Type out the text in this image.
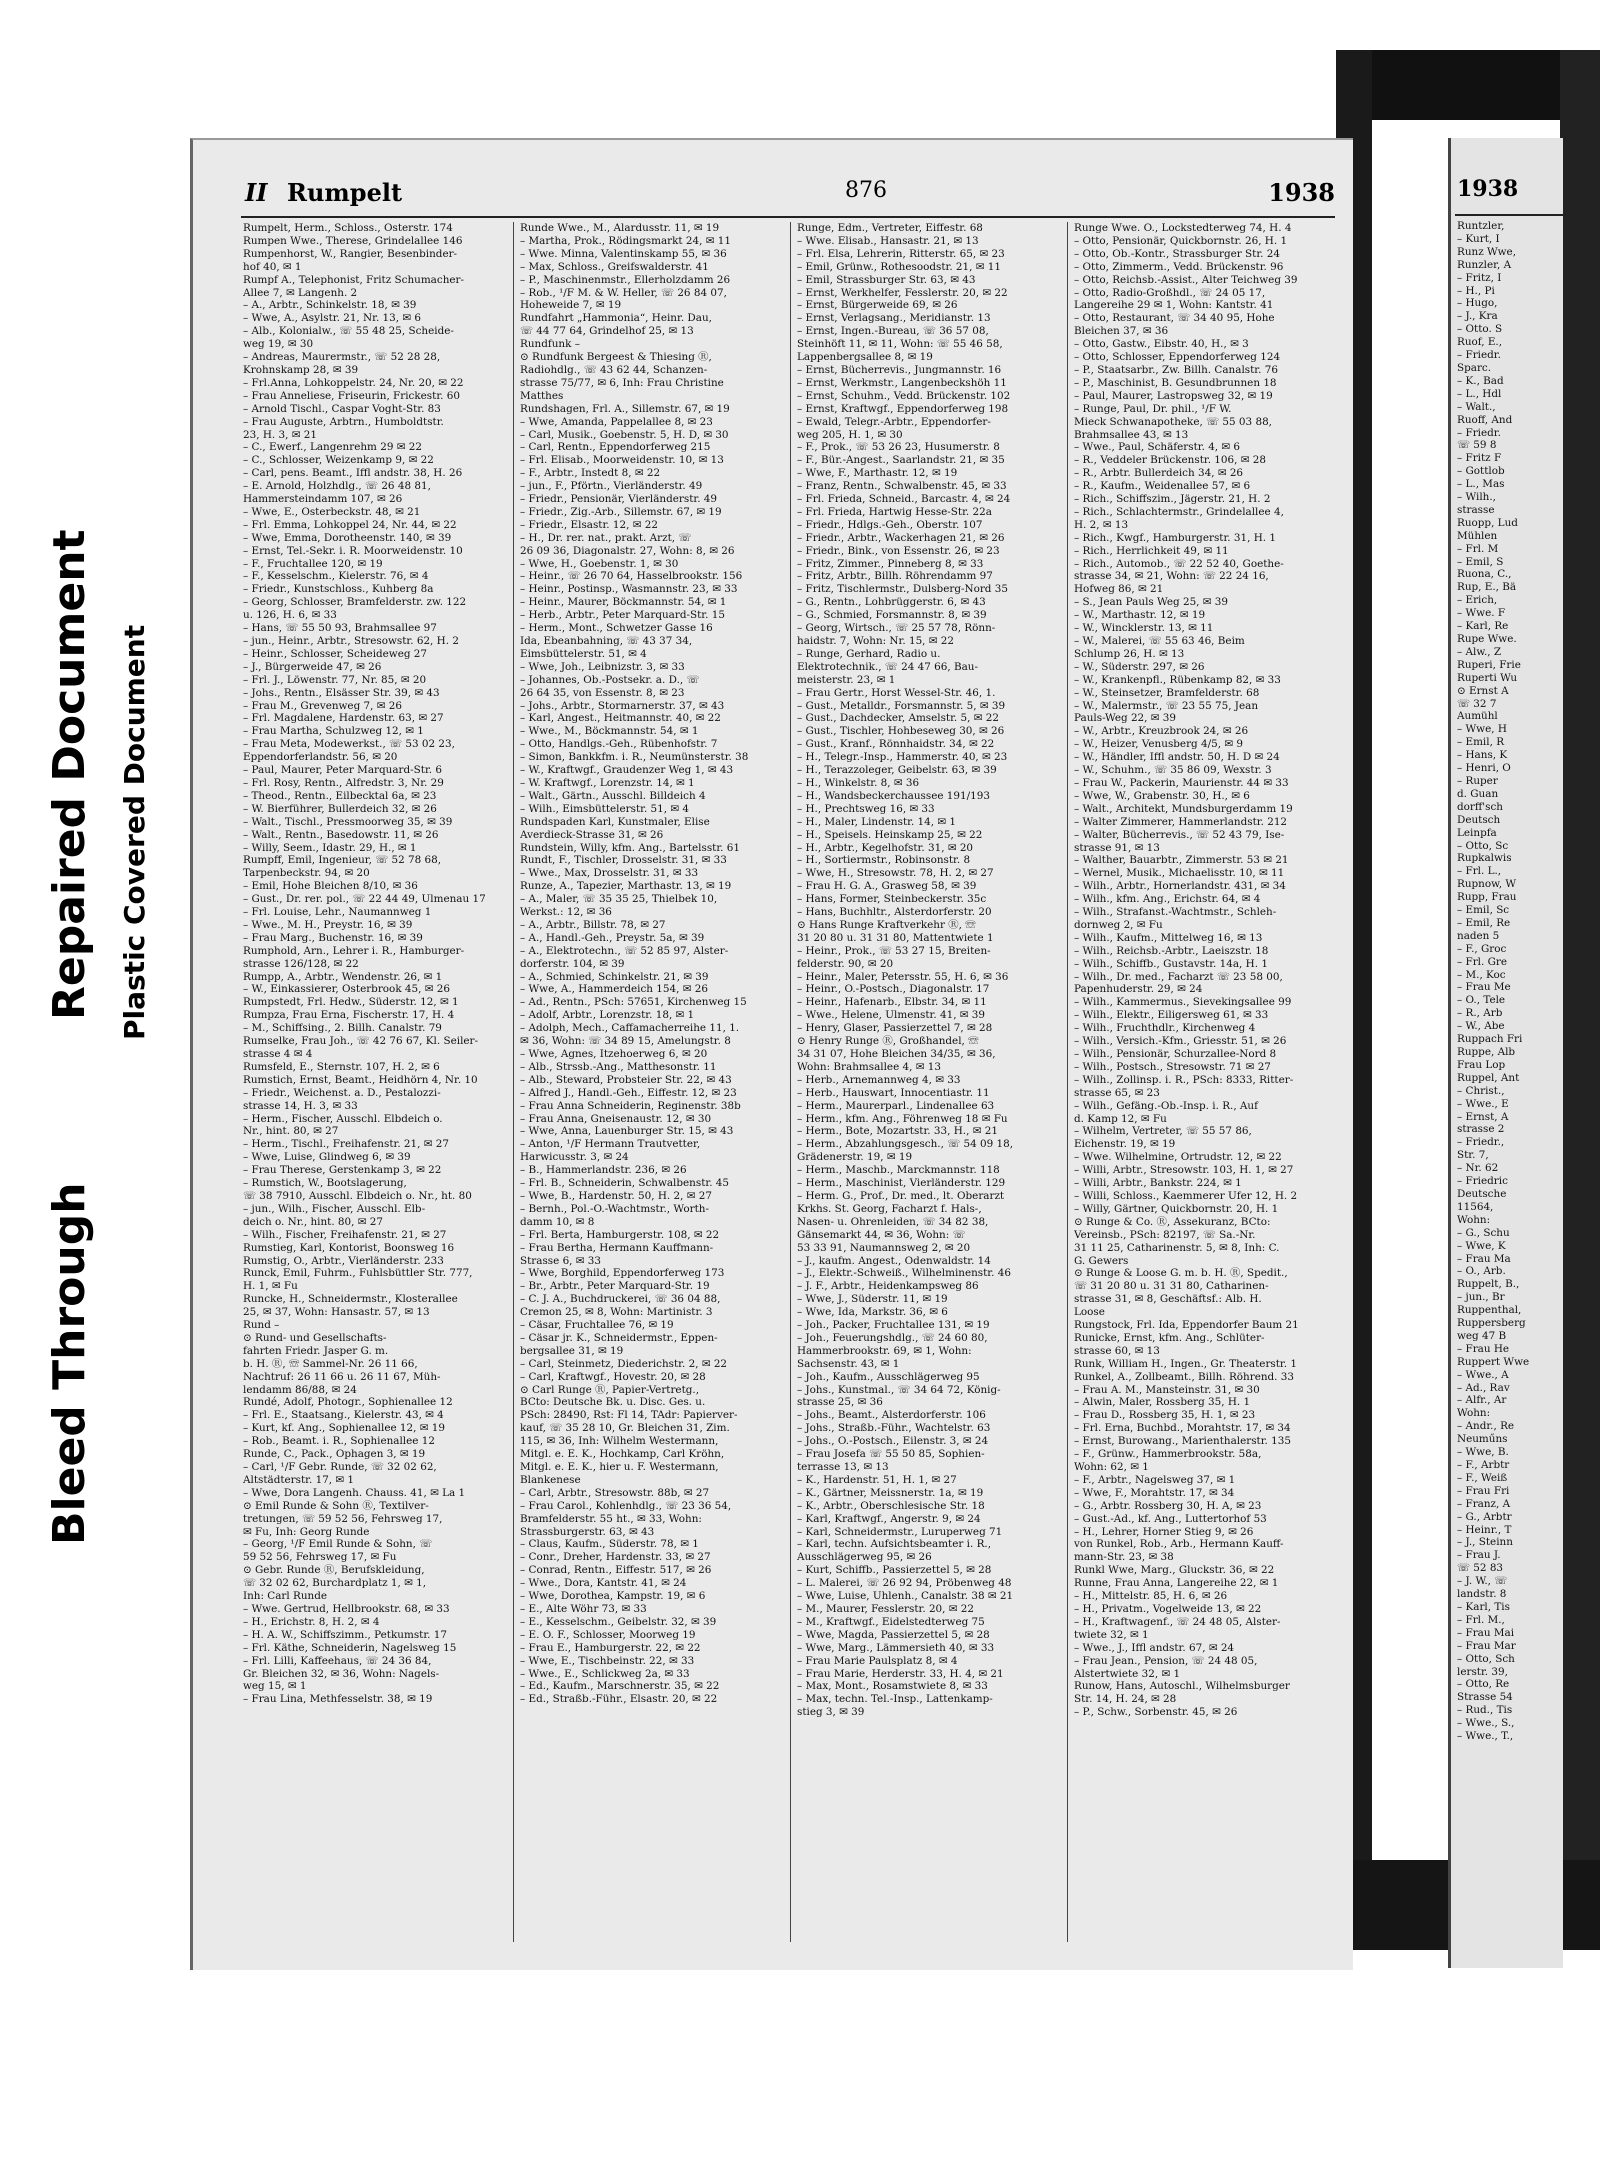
Bleed Through
Repaired Document Plastic Covered Document
II Rumpelt	876	1938
Rumpelt, Herm., Schloss., Osterstr. 174
Rumpen Wwe., Therese, Grindelallee 146
Rumpenhorst, W., Rangier, Besenbinder-
hof 40, ✉ 1
Rumpf A., Telephonist, Fritz Schumacher-
Allee 7, ✉ Langenh. 2
– A., Arbtr., Schinkelstr. 18, ✉ 39
– Wwe, A., Asylstr. 21, Nr. 13, ✉ 6
– Alb., Kolonialw., ☏ 55 48 25, Scheide-
weg 19, ✉ 30
– Andreas, Maurermstr., ☏ 52 28 28,
Krohnskamp 28, ✉ 39
– Frl.Anna, Lohkoppelstr. 24, Nr. 20, ✉ 22
– Frau Anneliese, Friseurin, Frickestr. 60
– Arnold Tischl., Caspar Voght-Str. 83
– Frau Auguste, Arbtrn., Humboldtstr.
23, H. 3, ✉ 21
– C., Ewerf., Langenrehm 29 ✉ 22
– C., Schlosser, Weizenkamp 9, ✉ 22
– Carl, pens. Beamt., Iffl andstr. 38, H. 26
– E. Arnold, Holzhdlg., ☏ 26 48 81,
Hammersteindamm 107, ✉ 26
– Wwe, E., Osterbeckstr. 48, ✉ 21
– Frl. Emma, Lohkoppel 24, Nr. 44, ✉ 22
– Wwe, Emma, Dorotheenstr. 140, ✉ 39
– Ernst, Tel.-Sekr. i. R. Moorweidenstr. 10
– F., Fruchtallee 120, ✉ 19
– F., Kesselschm., Kielerstr. 76, ✉ 4
– Friedr., Kunstschloss., Kuhberg 8a
– Georg, Schlosser, Bramfelderstr. zw. 122
u. 126, H. 6, ✉ 33
– Hans, ☏ 55 50 93, Brahmsallee 97
– jun., Heinr., Arbtr., Stresowstr. 62, H. 2
– Heinr., Schlosser, Scheideweg 27
– J., Bürgerweide 47, ✉ 26
– Frl. J., Löwenstr. 77, Nr. 85, ✉ 20
– Johs., Rentn., Elsässer Str. 39, ✉ 43
– Frau M., Grevenweg 7, ✉ 26
– Frl. Magdalene, Hardenstr. 63, ✉ 27
– Frau Martha, Schulzweg 12, ✉ 1
– Frau Meta, Modewerkst., ☏ 53 02 23,
Eppendorferlandstr. 56, ✉ 20
– Paul, Maurer, Peter Marquard-Str. 6
– Frl. Rosy, Rentn., Alfredstr. 3, Nr. 29
– Theod., Rentn., Eilbecktal 6a, ✉ 23
– W. Bierführer, Bullerdeich 32, ✉ 26
– Walt., Tischl., Pressmoorweg 35, ✉ 39
– Walt., Rentn., Basedowstr. 11, ✉ 26
– Willy, Seem., Idastr. 29, H., ✉ 1
Rumpff, Emil, Ingenieur, ☏ 52 78 68,
Tarpenbeckstr. 94, ✉ 20
– Emil, Hohe Bleichen 8/10, ✉ 36
– Gust., Dr. rer. pol., ☏ 22 44 49, Ulmenau 17
– Frl. Louise, Lehr., Naumannweg 1
– Wwe., M. H., Preystr. 16, ✉ 39
– Frau Marg., Buchenstr. 16, ✉ 39
Rumphold, Arn., Lehrer i. R., Hamburger-
strasse 126/128, ✉ 22
Rumpp, A., Arbtr., Wendenstr. 26, ✉ 1
– W., Einkassierer, Osterbrook 45, ✉ 26
Rumpstedt, Frl. Hedw., Süderstr. 12, ✉ 1
Rumpza, Frau Erna, Fischerstr. 17, H. 4
– M., Schiffsing., 2. Billh. Canalstr. 79
Rumselke, Frau Joh., ☏ 42 76 67, Kl. Seiler-
strasse 4 ✉ 4
Rumsfeld, E., Sternstr. 107, H. 2, ✉ 6
Rumstich, Ernst, Beamt., Heidhörn 4, Nr. 10
– Friedr., Weichenst. a. D., Pestalozzi-
strasse 14, H. 3, ✉ 33
– Herm., Fischer, Ausschl. Elbdeich o.
Nr., hint. 80, ✉ 27
– Herm., Tischl., Freihafenstr. 21, ✉ 27
– Wwe, Luise, Glindweg 6, ✉ 39
– Frau Therese, Gerstenkamp 3, ✉ 22
– Rumstich, W., Bootslagerung,
☏ 38 7910, Ausschl. Elbdeich o. Nr., ht. 80
– jun., Wilh., Fischer, Ausschl. Elb-
deich o. Nr., hint. 80, ✉ 27
– Wilh., Fischer, Freihafenstr. 21, ✉ 27
Rumstieg, Karl, Kontorist, Boonsweg 16
Rumstig, O., Arbtr., Vierländerstr. 233
Runck, Emil, Fuhrm., Fuhlsbüttler Str. 777,
H. 1, ✉ Fu
Runcke, H., Schneidermstr., Klosterallee
25, ✉ 37, Wohn: Hansastr. 57, ✉ 13
Rund –
⊙ Rund- und Gesellschafts-
fahrten Friedr. Jasper G. m.
b. H. Ⓡ, ☏ Sammel-Nr. 26 11 66,
Nachtruf: 26 11 66 u. 26 11 67, Müh-
lendamm 86/88, ✉ 24
Rundé, Adolf, Photogr., Sophienallee 12
– Frl. E., Staatsang., Kielerstr. 43, ✉ 4
– Kurt, kf. Ang., Sophienallee 12, ✉ 19
– Rob., Beamt. i. R., Sophienallee 12
Runde, C., Pack., Ophagen 3, ✉ 19
– Carl, ¹/F Gebr. Runde, ☏ 32 02 62,
Altstädterstr. 17, ✉ 1
– Wwe, Dora Langenh. Chauss. 41, ✉ La 1
⊙ Emil Runde & Sohn Ⓡ, Textilver-
tretungen, ☏ 59 52 56, Fehrsweg 17,
✉ Fu, Inh: Georg Runde
– Georg, ¹/F Emil Runde & Sohn, ☏
59 52 56, Fehrsweg 17, ✉ Fu
⊙ Gebr. Runde Ⓡ, Berufskleidung,
☏ 32 02 62, Burchardplatz 1, ✉ 1,
Inh: Carl Runde
– Wwe. Gertrud, Hellbrookstr. 68, ✉ 33
– H., Erichstr. 8, H. 2, ✉ 4
– H. A. W., Schiffszimm., Petkumstr. 17
– Frl. Käthe, Schneiderin, Nagelsweg 15
– Frl. Lilli, Kaffeehaus, ☏ 24 36 84,
Gr. Bleichen 32, ✉ 36, Wohn: Nagels-
weg 15, ✉ 1
– Frau Lina, Methfesselstr. 38, ✉ 19
Runde Wwe., M., Alardusstr. 11, ✉ 19
– Martha, Prok., Rödingsmarkt 24, ✉ 11
– Wwe. Minna, Valentinskamp 55, ✉ 36
– Max, Schloss., Greifswalderstr. 41
– P., Maschinenmstr., Ellerholzdamm 26
– Rob., ¹/F M. & W. Heller, ☏ 26 84 07,
Hoheweide 7, ✉ 19
Rundfahrt „Hammonia“, Heinr. Dau,
☏ 44 77 64, Grindelhof 25, ✉ 13
Rundfunk –
⊙ Rundfunk Bergeest & Thiesing Ⓡ,
Radiohdlg., ☏ 43 62 44, Schanzen-
strasse 75/77, ✉ 6, Inh: Frau Christine
Matthes
Rundshagen, Frl. A., Sillemstr. 67, ✉ 19
– Wwe, Amanda, Pappelallee 8, ✉ 23
– Carl, Musik., Goebenstr. 5, H. D, ✉ 30
– Carl, Rentn., Eppendorferweg 215
– Frl. Elisab., Moorweidenstr. 10, ✉ 13
– F., Arbtr., Instedt 8, ✉ 22
– jun., F., Pförtn., Vierländerstr. 49
– Friedr., Pensionär, Vierländerstr. 49
– Friedr., Zig.-Arb., Sillemstr. 67, ✉ 19
– Friedr., Elsastr. 12, ✉ 22
– H., Dr. rer. nat., prakt. Arzt, ☏
26 09 36, Diagonalstr. 27, Wohn: 8, ✉ 26
– Wwe, H., Goebenstr. 1, ✉ 30
– Heinr., ☏ 26 70 64, Hasselbrookstr. 156
– Heinr., Postinsp., Wasmannstr. 23, ✉ 33
– Heinr., Maurer, Böckmannstr. 54, ✉ 1
– Herb., Arbtr., Peter Marquard-Str. 15
– Herm., Mont., Schwetzer Gasse 16
Ida, Ebeanbahning, ☏ 43 37 34,
Eimsbüttelerstr. 51, ✉ 4
– Wwe, Joh., Leibnizstr. 3, ✉ 33
– Johannes, Ob.-Postsekr. a. D., ☏
26 64 35, von Essenstr. 8, ✉ 23
– Johs., Arbtr., Stormarnerstr. 37, ✉ 43
– Karl, Angest., Heitmannstr. 40, ✉ 22
– Wwe., M., Böckmannstr. 54, ✉ 1
– Otto, Handlgs.-Geh., Rübenhofstr. 7
– Simon, Bankkfm. i. R., Neumünsterstr. 38
– W., Kraftwgf., Graudenzer Weg 1, ✉ 43
– W. Kraftwgf., Lorenzstr. 14, ✉ 1
– Walt., Gärtn., Ausschl. Billdeich 4
– Wilh., Eimsbüttelerstr. 51, ✉ 4
Rundspaden Karl, Kunstmaler, Elise
Averdieck-Strasse 31, ✉ 26
Rundstein, Willy, kfm. Ang., Bartelsstr. 61
Rundt, F., Tischler, Drosselstr. 31, ✉ 33
– Wwe., Max, Drosselstr. 31, ✉ 33
Runze, A., Tapezier, Marthastr. 13, ✉ 19
– A., Maler, ☏ 35 35 25, Thielbek 10,
Werkst.: 12, ✉ 36
– A., Arbtr., Billstr. 78, ✉ 27
– A., Handl.-Geh., Preystr. 5a, ✉ 39
– A., Elektrotechn., ☏ 52 85 97, Alster-
dorferstr. 104, ✉ 39
– A., Schmied, Schinkelstr. 21, ✉ 39
– Wwe, A., Hammerdeich 154, ✉ 26
– Ad., Rentn., PSch: 57651, Kirchenweg 15
– Adolf, Arbtr., Lorenzstr. 18, ✉ 1
– Adolph, Mech., Caffamacherreihe 11, 1.
✉ 36, Wohn: ☏ 34 89 15, Amelungstr. 8
– Wwe, Agnes, Itzehoerweg 6, ✉ 20
– Alb., Strssb.-Ang., Matthesonstr. 11
– Alb., Steward, Probsteier Str. 22, ✉ 43
– Alfred J., Handl.-Geh., Eiffestr. 12, ✉ 23
– Frau Anna Schneiderin, Reginenstr. 38b
– Frau Anna, Gneisenaustr. 12, ✉ 30
– Wwe, Anna, Lauenburger Str. 15, ✉ 43
– Anton, ¹/F Hermann Trautvetter,
Harwicusstr. 3, ✉ 24
– B., Hammerlandstr. 236, ✉ 26
– Frl. B., Schneiderin, Schwalbenstr. 45
– Wwe, B., Hardenstr. 50, H. 2, ✉ 27
– Bernh., Pol.-O.-Wachtmstr., Worth-
damm 10, ✉ 8
– Frl. Berta, Hamburgerstr. 108, ✉ 22
– Frau Bertha, Hermann Kauffmann-
Strasse 6, ✉ 33
– Wwe, Borghild, Eppendorferweg 173
– Br., Arbtr., Peter Marquard-Str. 19
– C. J. A., Buchdruckerei, ☏ 36 04 88,
Cremon 25, ✉ 8, Wohn: Martinistr. 3
– Cäsar, Fruchtallee 76, ✉ 19
– Cäsar jr. K., Schneidermstr., Eppen-
bergsallee 31, ✉ 19
– Carl, Steinmetz, Diederichstr. 2, ✉ 22
– Carl, Kraftwgf., Hovestr. 20, ✉ 28
⊙ Carl Runge Ⓡ, Papier-Vertretg.,
BCto: Deutsche Bk. u. Disc. Ges. u.
PSch: 28490, Rst: Fl 14, TAdr: Papierver-
kauf, ☏ 35 28 10, Gr. Bleichen 31, Zim.
115, ✉ 36, Inh: Wilhelm Westermann,
Mitgl. e. E. K., Hochkamp, Carl Kröhn,
Mitgl. e. E. K., hier u. F. Westermann,
Blankenese
– Carl, Arbtr., Stresowstr. 88b, ✉ 27
– Frau Carol., Kohlenhdlg., ☏ 23 36 54,
Bramfelderstr. 55 ht., ✉ 33, Wohn:
Strassburgerstr. 63, ✉ 43
– Claus, Kaufm., Süderstr. 78, ✉ 1
– Conr., Dreher, Hardenstr. 33, ✉ 27
– Conrad, Rentn., Eiffestr. 517, ✉ 26
– Wwe., Dora, Kantstr. 41, ✉ 24
– Wwe, Dorothea, Kampstr. 19, ✉ 6
– E., Alte Wöhr 73, ✉ 33
– E., Kesselschm., Geibelstr. 32, ✉ 39
– E. O. F., Schlosser, Moorweg 19
– Frau E., Hamburgerstr. 22, ✉ 22
– Wwe, E., Tischbeinstr. 22, ✉ 33
– Wwe., E., Schlickweg 2a, ✉ 33
– Ed., Kaufm., Marschnerstr. 35, ✉ 22
– Ed., Straßb.-Führ., Elsastr. 20, ✉ 22
Runge, Edm., Vertreter, Eiffestr. 68
– Wwe. Elisab., Hansastr. 21, ✉ 13
– Frl. Elsa, Lehrerin, Ritterstr. 65, ✉ 23
– Emil, Grünw., Rothesoodstr. 21, ✉ 11
– Emil, Strassburger Str. 63, ✉ 43
– Ernst, Werkhelfer, Fesslerstr. 20, ✉ 22
– Ernst, Bürgerweide 69, ✉ 26
– Ernst, Verlagsang., Meridianstr. 13
– Ernst, Ingen.-Bureau, ☏ 36 57 08,
Steinhöft 11, ✉ 11, Wohn: ☏ 55 46 58,
Lappenbergsallee 8, ✉ 19
– Ernst, Bücherrevis., Jungmannstr. 16
– Ernst, Werkmstr., Langenbeckshöh 11
– Ernst, Schuhm., Vedd. Brückenstr. 102
– Ernst, Kraftwgf., Eppendorferweg 198
– Ewald, Telegr.-Arbtr., Eppendorfer-
weg 205, H. 1, ✉ 30
– F., Prok., ☏ 53 26 23, Husumerstr. 8
– F., Bür.-Angest., Saarlandstr. 21, ✉ 35
– Wwe, F., Marthastr. 12, ✉ 19
– Franz, Rentn., Schwalbenstr. 45, ✉ 33
– Frl. Frieda, Schneid., Barcastr. 4, ✉ 24
– Frl. Frieda, Hartwig Hesse-Str. 22a
– Friedr., Hdlgs.-Geh., Oberstr. 107
– Friedr., Arbtr., Wackerhagen 21, ✉ 26
– Friedr., Bink., von Essenstr. 26, ✉ 23
– Fritz, Zimmer., Pinneberg 8, ✉ 33
– Fritz, Arbtr., Billh. Röhrendamm 97
– Fritz, Tischlermstr., Dulsberg-Nord 35
– G., Rentn., Lohbrüggerstr. 6, ✉ 43
– G., Schmied, Forsmannstr. 8, ✉ 39
– Georg, Wirtsch., ☏ 25 57 78, Rönn-
haidstr. 7, Wohn: Nr. 15, ✉ 22
– Runge, Gerhard, Radio u.
Elektrotechnik., ☏ 24 47 66, Bau-
meisterstr. 23, ✉ 1
– Frau Gertr., Horst Wessel-Str. 46, 1.
– Gust., Metalldr., Forsmannstr. 5, ✉ 39
– Gust., Dachdecker, Amselstr. 5, ✉ 22
– Gust., Tischler, Hohbeseweg 30, ✉ 26
– Gust., Kranf., Rönnhaidstr. 34, ✉ 22
– H., Telegr.-Insp., Hammerstr. 40, ✉ 23
– H., Terazzoleger, Geibelstr. 63, ✉ 39
– H., Winkelstr. 8, ✉ 36
– H., Wandsbeckerchaussee 191/193
– H., Prechtsweg 16, ✉ 33
– H., Maler, Lindenstr. 14, ✉ 1
– H., Speisels. Heinskamp 25, ✉ 22
– H., Arbtr., Kegelhofstr. 31, ✉ 20
– H., Sortiermstr., Robinsonstr. 8
– Wwe, H., Stresowstr. 78, H. 2, ✉ 27
– Frau H. G. A., Grasweg 58, ✉ 39
– Hans, Former, Steinbeckerstr. 35c
– Hans, Buchhltr., Alsterdorferstr. 20
⊙ Hans Runge Kraftverkehr Ⓡ, ☏
31 20 80 u. 31 31 80, Mattentwiete 1
– Heinr., Prok., ☏ 53 27 15, Breiten-
felderstr. 90, ✉ 20
– Heinr., Maler, Petersstr. 55, H. 6, ✉ 36
– Heinr., O.-Postsch., Diagonalstr. 17
– Heinr., Hafenarb., Elbstr. 34, ✉ 11
– Wwe., Helene, Ulmenstr. 41, ✉ 39
– Henry, Glaser, Passierzettel 7, ✉ 28
⊙ Henry Runge Ⓡ, Großhandel, ☏
34 31 07, Hohe Bleichen 34/35, ✉ 36,
Wohn: Brahmsallee 4, ✉ 13
– Herb., Arnemannweg 4, ✉ 33
– Herb., Hauswart, Innocentiastr. 11
– Herm., Maurerparl., Lindenallee 63
– Herm., kfm. Ang., Föhrenweg 18 ✉ Fu
– Herm., Bote, Mozartstr. 33, H., ✉ 21
– Herm., Abzahlungsgesch., ☏ 54 09 18,
Grädenerstr. 19, ✉ 19
– Herm., Maschb., Marckmannstr. 118
– Herm., Maschinist, Vierländerstr. 129
– Herm. G., Prof., Dr. med., lt. Oberarzt
Krkhs. St. Georg, Facharzt f. Hals-,
Nasen- u. Ohrenleiden, ☏ 34 82 38,
Gänsemarkt 44, ✉ 36, Wohn: ☏
53 33 91, Naumannsweg 2, ✉ 20
– J., kaufm. Angest., Odenwaldstr. 14
– J., Elektr.-Schweiß., Wilhelminenstr. 46
– J. F., Arbtr., Heidenkampsweg 86
– Wwe, J., Süderstr. 11, ✉ 19
– Wwe, Ida, Markstr. 36, ✉ 6
– Joh., Packer, Fruchtallee 131, ✉ 19
– Joh., Feuerungshdlg., ☏ 24 60 80,
Hammerbrookstr. 69, ✉ 1, Wohn:
Sachsenstr. 43, ✉ 1
– Joh., Kaufm., Ausschlägerweg 95
– Johs., Kunstmal., ☏ 34 64 72, König-
strasse 25, ✉ 36
– Johs., Beamt., Alsterdorferstr. 106
– Johs., Straßb.-Führ., Wachtelstr. 63
– Johs., O.-Postsch., Eilenstr. 3, ✉ 24
– Frau Josefa ☏ 55 50 85, Sophien-
terrasse 13, ✉ 13
– K., Hardenstr. 51, H. 1, ✉ 27
– K., Gärtner, Meissnerstr. 1a, ✉ 19
– K., Arbtr., Oberschlesische Str. 18
– Karl, Kraftwgf., Angerstr. 9, ✉ 24
– Karl, Schneidermstr., Luruperweg 71
– Karl, techn. Aufsichtsbeamter i. R.,
Ausschlägerweg 95, ✉ 26
– Kurt, Schiffb., Passierzettel 5, ✉ 28
– L. Malerei, ☏ 26 92 94, Pröbenweg 48
– Wwe, Luise, Uhlenh., Canalstr. 38 ✉ 21
– M., Maurer, Fesslerstr. 20, ✉ 22
– M., Kraftwgf., Eidelstedterweg 75
– Wwe, Magda, Passierzettel 5, ✉ 28
– Wwe, Marg., Lämmersieth 40, ✉ 33
– Frau Marie Paulsplatz 8, ✉ 4
– Frau Marie, Herderstr. 33, H. 4, ✉ 21
– Max, Mont., Rosamstwiete 8, ✉ 33
– Max, techn. Tel.-Insp., Lattenkamp-
stieg 3, ✉ 39
Runge Wwe. O., Lockstedterweg 74, H. 4
– Otto, Pensionär, Quickbornstr. 26, H. 1
– Otto, Ob.-Kontr., Strassburger Str. 24
– Otto, Zimmerm., Vedd. Brückenstr. 96
– Otto, Reichsb.-Assist., Alter Teichweg 39
– Otto, Radio-Großhdl., ☏ 24 05 17,
Langereihe 29 ✉ 1, Wohn: Kantstr. 41
– Otto, Restaurant, ☏ 34 40 95, Hohe
Bleichen 37, ✉ 36
– Otto, Gastw., Eibstr. 40, H., ✉ 3
– Otto, Schlosser, Eppendorferweg 124
– P., Staatsarbr., Zw. Billh. Canalstr. 76
– P., Maschinist, B. Gesundbrunnen 18
– Paul, Maurer, Lastropsweg 32, ✉ 19
– Runge, Paul, Dr. phil., ¹/F W.
Mieck Schwanapotheke, ☏ 55 03 88,
Brahmsallee 43, ✉ 13
– Wwe., Paul, Schäferstr. 4, ✉ 6
– R., Veddeler Brückenstr. 106, ✉ 28
– R., Arbtr. Bullerdeich 34, ✉ 26
– R., Kaufm., Weidenallee 57, ✉ 6
– Rich., Schiffszim., Jägerstr. 21, H. 2
– Rich., Schlachtermstr., Grindelallee 4,
H. 2, ✉ 13
– Rich., Kwgf., Hamburgerstr. 31, H. 1
– Rich., Herrlichkeit 49, ✉ 11
– Rich., Automob., ☏ 22 52 40, Goethe-
strasse 34, ✉ 21, Wohn: ☏ 22 24 16,
Hofweg 86, ✉ 21
– S., Jean Pauls Weg 25, ✉ 39
– W., Marthastr. 12, ✉ 19
– W., Wincklerstr. 13, ✉ 11
– W., Malerei, ☏ 55 63 46, Beim
Schlump 26, H. ✉ 13
– W., Süderstr. 297, ✉ 26
– W., Krankenpfl., Rübenkamp 82, ✉ 33
– W., Steinsetzer, Bramfelderstr. 68
– W., Malermstr., ☏ 23 55 75, Jean
Pauls-Weg 22, ✉ 39
– W., Arbtr., Kreuzbrook 24, ✉ 26
– W., Heizer, Venusberg 4/5, ✉ 9
– W., Händler, Iffl andstr. 50, H. D ✉ 24
– W., Schuhm., ☏ 35 86 09, Wexstr. 3
– Frau W., Packerin, Maurienstr. 44 ✉ 33
– Wwe, W., Grabenstr. 30, H., ✉ 6
– Walt., Architekt, Mundsburgerdamm 19
– Walter Zimmerer, Hammerlandstr. 212
– Walter, Bücherrevis., ☏ 52 43 79, Ise-
strasse 91, ✉ 13
– Walther, Bauarbtr., Zimmerstr. 53 ✉ 21
– Wernel, Musik., Michaelisstr. 10, ✉ 11
– Wilh., Arbtr., Hornerlandstr. 431, ✉ 34
– Wilh., kfm. Ang., Erichstr. 64, ✉ 4
– Wilh., Strafanst.-Wachtmstr., Schleh-
dornweg 2, ✉ Fu
– Wilh., Kaufm., Mittelweg 16, ✉ 13
– Wilh., Reichsb.-Arbtr., Laeiszstr. 18
– Wilh., Schiffb., Gustavstr. 14a, H. 1
– Wilh., Dr. med., Facharzt ☏ 23 58 00,
Papenhuderstr. 29, ✉ 24
– Wilh., Kammermus., Sievekingsallee 99
– Wilh., Elektr., Eiligersweg 61, ✉ 33
– Wilh., Fruchthdlr., Kirchenweg 4
– Wilh., Versich.-Kfm., Griesstr. 51, ✉ 26
– Wilh., Pensionär, Schurzallee-Nord 8
– Wilh., Postsch., Stresowstr. 71 ✉ 27
– Wilh., Zollinsp. i. R., PSch: 8333, Ritter-
strasse 65, ✉ 23
– Wilh., Gefäng.-Ob.-Insp. i. R., Auf
d. Kamp 12, ✉ Fu
– Wilhelm, Vertreter, ☏ 55 57 86,
Eichenstr. 19, ✉ 19
– Wwe. Wilhelmine, Ortrudstr. 12, ✉ 22
– Willi, Arbtr., Stresowstr. 103, H. 1, ✉ 27
– Willi, Arbtr., Bankstr. 224, ✉ 1
– Willi, Schloss., Kaemmerer Ufer 12, H. 2
– Willy, Gärtner, Quickbornstr. 20, H. 1
⊙ Runge & Co. Ⓡ, Assekuranz, BCto:
Vereinsb., PSch: 82197, ☏ Sa.-Nr.
31 11 25, Catharinenstr. 5, ✉ 8, Inh: C.
G. Gewers
⊙ Runge & Loose G. m. b. H. Ⓡ, Spedit.,
☏ 31 20 80 u. 31 31 80, Catharinen-
strasse 31, ✉ 8, Geschäftsf.: Alb. H.
Loose
Rungstock, Frl. Ida, Eppendorfer Baum 21
Runicke, Ernst, kfm. Ang., Schlüter-
strasse 60, ✉ 13
Runk, William H., Ingen., Gr. Theaterstr. 1
Runkel, A., Zollbeamt., Billh. Röhrend. 33
– Frau A. M., Mansteinstr. 31, ✉ 30
– Alwin, Maler, Rossberg 35, H. 1
– Frau D., Rossberg 35, H. 1, ✉ 23
– Frl. Erna, Buchbd., Morahtstr. 17, ✉ 34
– Ernst, Burowang., Marienthalerstr. 135
– F., Grünw., Hammerbrookstr. 58a,
Wohn: 62, ✉ 1
– F., Arbtr., Nagelsweg 37, ✉ 1
– Wwe, F., Morahtstr. 17, ✉ 34
– G., Arbtr. Rossberg 30, H. A, ✉ 23
– Gust.-Ad., kf. Ang., Luttertorhof 53
– H., Lehrer, Horner Stieg 9, ✉ 26
von Runkel, Rob., Arb., Hermann Kauff-
mann-Str. 23, ✉ 38
Runkl Wwe, Marg., Gluckstr. 36, ✉ 22
Runne, Frau Anna, Langereihe 22, ✉ 1
– H., Mittelstr. 85, H. 6, ✉ 26
– H., Privatm., Vogelweide 13, ✉ 22
– H., Kraftwagenf., ☏ 24 48 05, Alster-
twiete 32, ✉ 1
– Wwe., J., Iffl andstr. 67, ✉ 24
– Frau Jean., Pension, ☏ 24 48 05,
Alstertwiete 32, ✉ 1
Runow, Hans, Autoschl., Wilhelmsburger
Str. 14, H. 24, ✉ 28
– P., Schw., Sorbenstr. 45, ✉ 26
1938
Runtzler,
– Kurt, I
Runz Wwe,
Runzler, A
– Fritz, I
– H., Pi
– Hugo,
– J., Kra
– Otto. S
Ruof, E.,
– Friedr.
Sparc.
– K., Bad
– L., Hdl
– Walt.,
Ruoff, And
– Friedr.
☏ 59 8
– Fritz F
– Gottlob
– L., Mas
– Wilh.,
strasse
Ruopp, Lud
Mühlen
– Frl. M
– Emil, S
Ruona, C.,
Rup, E., Bä
– Erich,
– Wwe. F
– Karl, Re
Rupe Wwe.
– Alw., Z
Ruperi, Frie
Ruperti Wu
⊙ Ernst A
☏ 32 7
Aumühl
– Wwe, H
– Emil, R
– Hans, K
– Henri, O
– Ruper
d. Guan
dorff'sch
Deutsch
Leinpfa
– Otto, Sc
Rupkalwis
– Frl. L.,
Rupnow, W
Rupp, Frau
– Emil, Sc
– Emil, Re
naden 5
– F., Groc
– Frl. Gre
– M., Koc
– Frau Me
– O., Tele
– R., Arb
– W., Abe
Ruppach Fri
Ruppe, Alb
Frau Lop
Ruppel, Ant
– Christ.,
– Wwe., E
– Ernst, A
strasse 2
– Friedr.,
Str. 7,
– Nr. 62
– Friedric
Deutsche
11564,
Wohn:
– G., Schu
– Wwe, K
– Frau Ma
– O., Arb.
Ruppelt, B.,
– jun., Br
Ruppenthal,
Ruppersberg
weg 47 B
– Frau He
Ruppert Wwe
– Wwe., A
– Ad., Rav
– Alfr., Ar
Wohn:
– Andr., Re
Neuműns
– Wwe, B.
– F., Arbtr
– F., Weiß
– Frau Fri
– Franz, A
– G., Arbtr
– Heinr., T
– J., Steinn
– Frau J.
☏ 52 83
– J. W., ☏
landstr. 8
– Karl, Tis
– Frl. M.,
– Frau Mai
– Frau Mar
– Otto, Sch
lerstr. 39,
– Otto, Re
Strasse 54
– Rud., Tis
– Wwe., S.,
– Wwe., T.,
